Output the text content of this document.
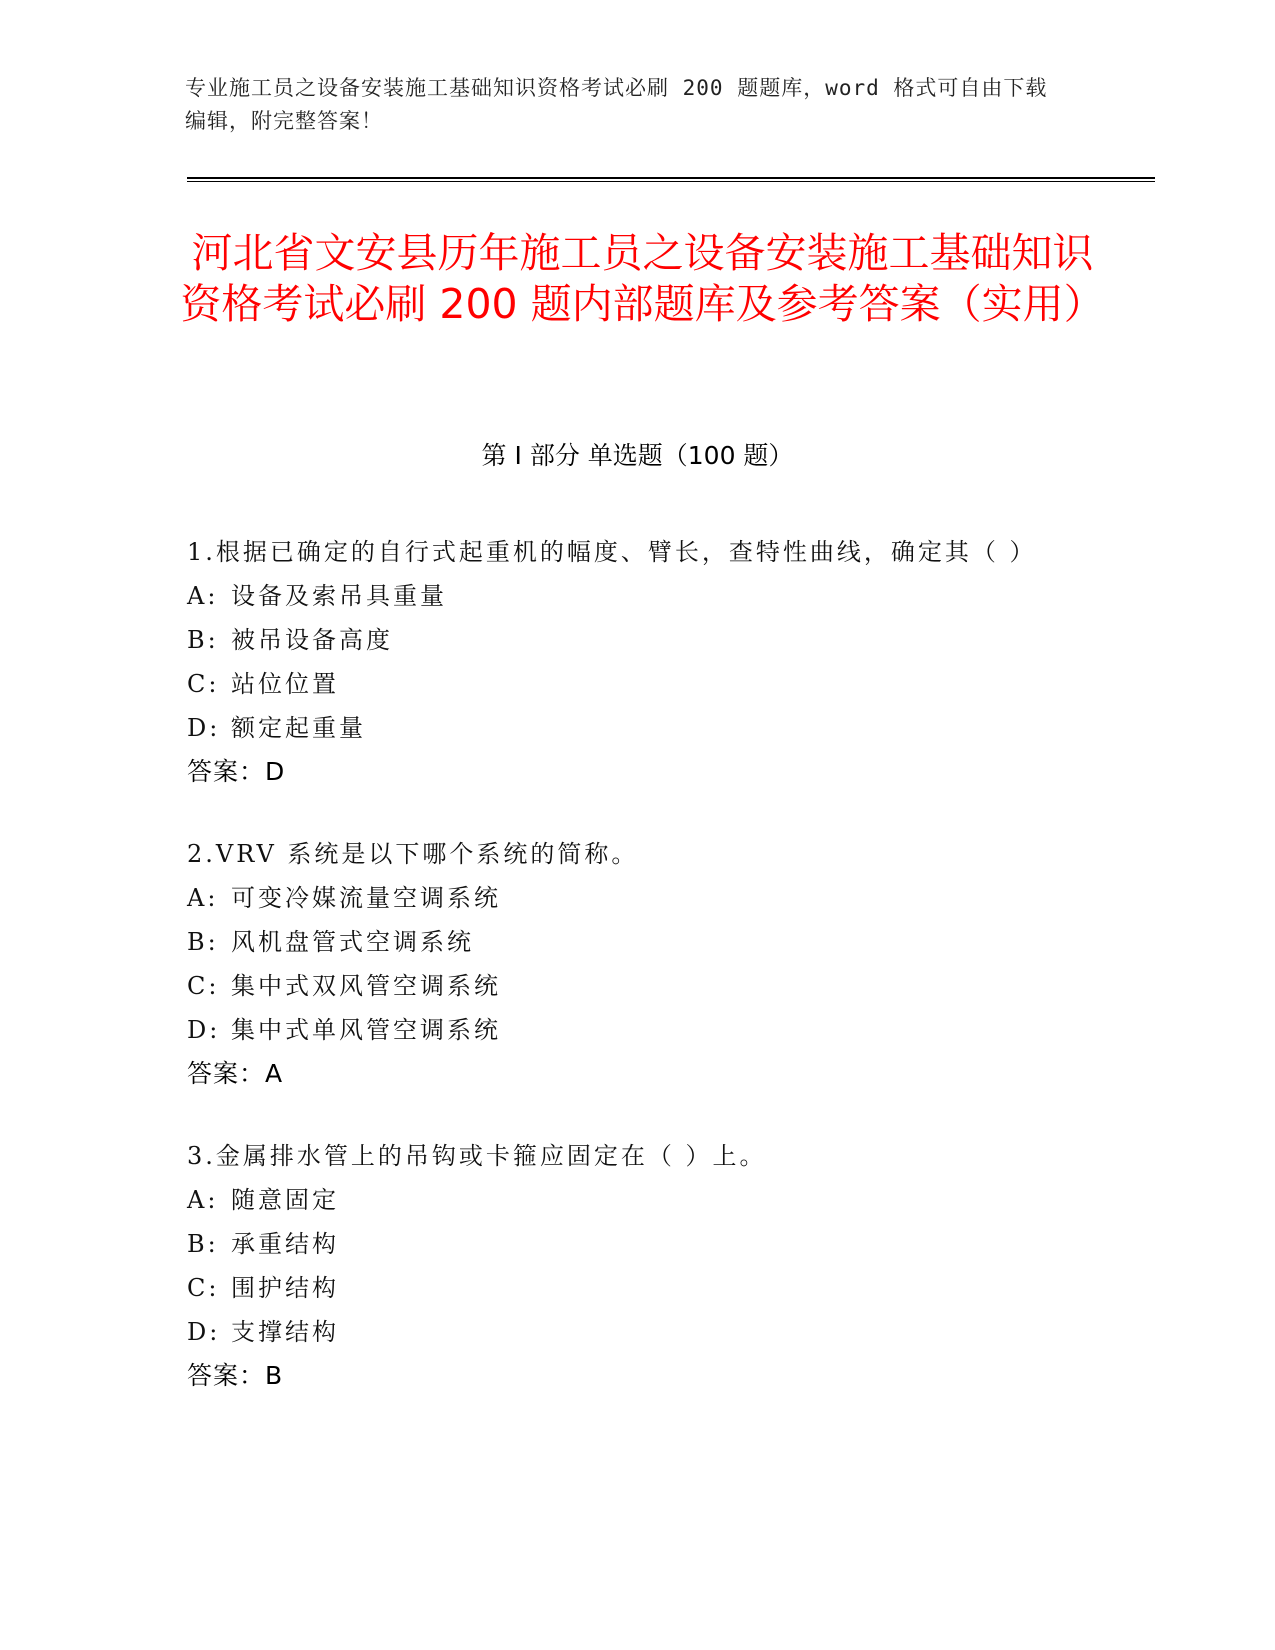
专业施工员之设备安装施工基础知识资格考试必刷 200 题题库，word 格式可自由下载编辑，附完整答案！
河北省文安县历年施工员之设备安装施工基础知识资格考试必刷 200 题内部题库及参考答案（实用）
第 I 部分 单选题（100 题）
1.根据已确定的自行式起重机的幅度、臂长，查特性曲线，确定其（ ）
A: 设备及索吊具重量
B: 被吊设备高度
C: 站位位置
D: 额定起重量
答案：D
2.VRV 系统是以下哪个系统的简称。
A: 可变冷媒流量空调系统
B: 风机盘管式空调系统
C: 集中式双风管空调系统
D: 集中式单风管空调系统
答案：A
3.金属排水管上的吊钩或卡箍应固定在（ ）上。
A: 随意固定
B: 承重结构
C: 围护结构
D: 支撑结构
答案：B
